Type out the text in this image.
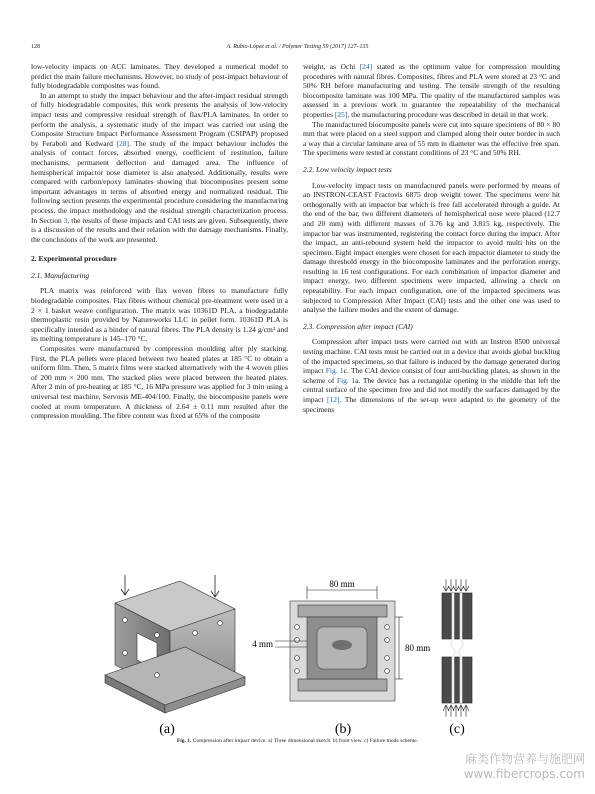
128	A. Rubio-López et al. / Polymer Testing 59 (2017) 127–135

low-velocity impacts on ACC laminates. They developed a numerical model to predict the main failure mechanisms. However, no study of post-impact behaviour of fully biodegradable composites was found.

In an attempt to study the impact behaviour and the after-impact residual strength of fully biodegradable composites, this work presents the analysis of low-velocity impact tests and compressive residual strength of flax/PLA laminates. In order to perform the analysis, a systematic study of the impact was carried out using the Composite Structure Impact Performance Assessment Program (CSIPAP) proposed by Feraboli and Kedward [28]. The study of the impact behaviour includes the analysis of contact forces, absorbed energy, coefficient of restitution, failure mechanisms, permanent deflection and damaged area. The influence of hemispherical impactor nose diameter is also analysed. Additionally, results were compared with carbon/epoxy laminates showing that biocomposites present some important advantages in terms of absorbed energy and normalized residual. The following section presents the experimental procedure considering the manufacturing process, the impact methodology and the residual strength characterization process. In Section 3, the results of these impacts and CAI tests are given. Subsequently, there is a discussion of the results and their relation with the damage mechanisms. Finally, the conclusions of the work are presented.

2. Experimental procedure
2.1. Manufacturing

PLA matrix was reinforced with flax woven fibres to manufacture fully biodegradable composites. Flax fibres without chemical pre-treatment were used in a 2 × 1 basket weave configuration. The matrix was 10361D PLA, a biodegradable thermoplastic resin provided by Natureworks LLC in pellet form. 10361D PLA is specifically intended as a binder of natural fibres. The PLA density is 1.24 g/cm³ and its melting temperature is 145–170 °C.

Composites were manufactured by compression moulding after ply stacking. First, the PLA pellets were placed between two heated plates at 185 °C to obtain a uniform film. Then, 5 matrix films were stacked alternatively with the 4 woven plies of 200 mm × 200 mm. The stacked plies were placed between the heated plates. After 2 min of pre-heating at 185 °C, 16 MPa pressure was applied for 3 min using a universal test machine, Servosis ME-404/100. Finally, the biocomposite panels were cooled at room temperature. A thickness of 2.64 ± 0.11 mm resulted after the compression moulding. The fibre content was fixed at 65% of the composite

weight, as Ochi [24] stated as the optimum value for compression moulding procedures with natural fibres. Composites, fibres and PLA were stored at 23 °C and 50% RH before manufacturing and testing. The tensile strength of the resulting biocomposite laminate was 100 MPa. The quality of the manufactured samples was assessed in a previous work to guarantee the repeatability of the mechanical properties [25], the manufacturing procedure was described in detail in that work.

The manufactured biocomposite panels were cut into square specimens of 80 × 80 mm that were placed on a steel support and clamped along their outer border in such a way that a circular laminate area of 55 mm in diameter was the effective free span. The specimens were tested at constant conditions of 23 °C and 50% RH.

2.2. Low velocity impact tests

Low-velocity impact tests on manufactured panels were performed by means of an INSTRON-CEAST Fractovis 6875 drop weight tower. The specimens were hit orthogonally with an impactor bar which is free fall accelerated through a guide. At the end of the bar, two different diameters of hemispherical nose were placed (12.7 and 20 mm) with different masses of 3.76 kg and 3.815 kg, respectively. The impactor bar was instrumented, registering the contact force during the impact. After the impact, an anti-rebound system held the impactor to avoid multi hits on the specimen. Eight impact energies were chosen for each impactor diameter to study the damage threshold energy in the biocomposite laminates and the perforation energy, resulting in 16 test configurations. For each combination of impactor diameter and impact energy, two different specimens were impacted, allowing a check on repeatability. For each impact configuration, one of the impacted specimens was subjected to Compression After Impact (CAI) tests and the other one was used to analyse the failure modes and the extent of damage.

2.3. Compression after impact (CAI)

Compression after impact tests were carried out with an Instron 8500 universal testing machine. CAI tests must be carried out in a device that avoids global buckling of the impacted specimens, so that failure is induced by the damage generated during impact Fig. 1c. The CAI device consist of four anti-buckling plates, as shown in the scheme of Fig. 1a. The device has a rectangular opening in the middle that left the central surface of the specimen free and did not modify the surfaces damaged by the impact [12]. The dimensions of the set-up were adapted to the geometry of the specimens

(a)
80 mm
4 mm	80 mm
(b)	(c)
Fig. 1. Compression after impact device. a) Three dimensional sketch. b) front view. c) Failure mode scheme.
麻类作物营养与施肥网
www.fibercrops.com
